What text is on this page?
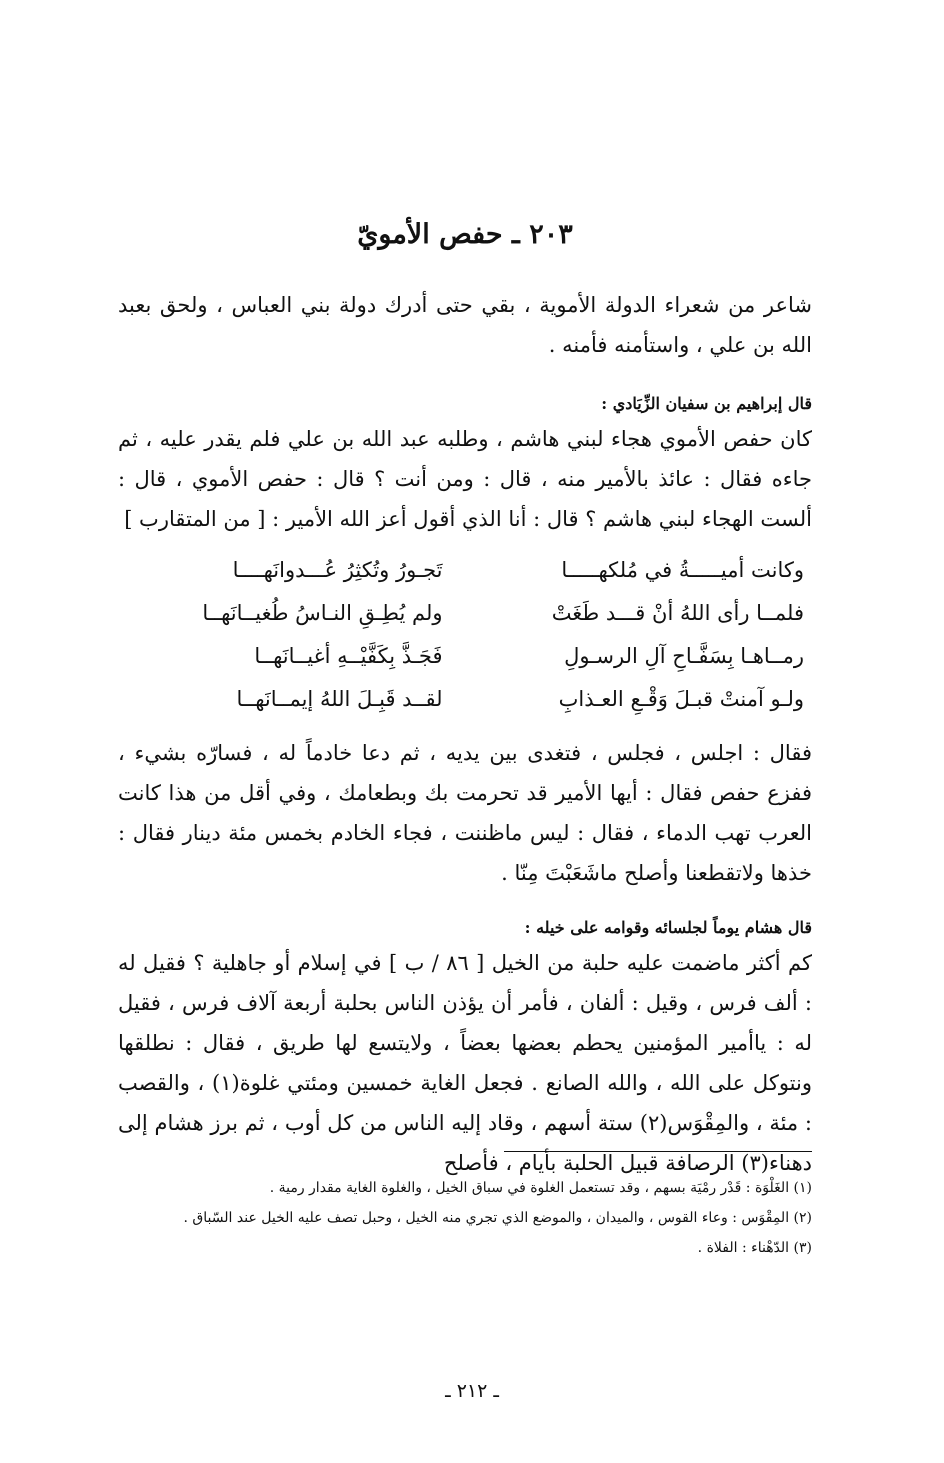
٢٠٣ ـ حفص الأمويّ

شاعر من شعراء الدولة الأموية ، بقي حتى أدرك دولة بني العباس ، ولحق بعبد الله بن علي ، واستأمنه فأمنه .

قال إبراهيم بن سفيان الزِّيَادي :

كان حفص الأموي هجاء لبني هاشم ، وطلبه عبد الله بن علي فلم يقدر عليه ، ثم جاءه فقال : عائذ بالأمير منه ، قال : ومن أنت ؟ قال : حفص الأموي ، قال : ألست الهجاء لبني هاشم ؟ قال : أنا الذي أقول أعز الله الأمير : [ من المتقارب ]

وكانت أميـــــةُ في مُلكهـــــا
تَجـورُ وتُكثِرُ عُـــدوانَهــــا
فلمــا رأى اللهُ أنْ قـــد طَغَتْ
ولم يُطِـقِ النـاسُ طُغيــانَهــا
رمــاهـا بِسَفَّـاحِ آلِ الرسـولِ
فَجَـذَّ بِكَفَّيْــهِ أغيــانَهــا
ولـو آمنتْ قبـلَ وَقْـعِ العـذابِ
لقــد قَبِـلَ اللهُ إيمــانَهــا

فقال : اجلس ، فجلس ، فتغدى بين يديه ، ثم دعا خادماً له ، فسارّه بشيء ، ففزع حفص فقال : أيها الأمير قد تحرمت بك وبطعامك ، وفي أقل من هذا كانت العرب تهب الدماء ، فقال : ليس ماظننت ، فجاء الخادم بخمس مئة دينار فقال : خذها ولاتقطعنا وأصلح ماشَعَبْتَ مِنّا .

قال هشام يوماً لجلسائه وقوامه على خيله :

كم أكثر ماضمت عليه حلبة من الخيل [ ٨٦ / ب ] في إسلام أو جاهلية ؟ فقيل له : ألف فرس ، وقيل : ألفان ، فأمر أن يؤذن الناس بحلبة أربعة آلاف فرس ، فقيل له : ياأمير المؤمنين يحطم بعضها بعضاً ، ولايتسع لها طريق ، فقال : نطلقها ونتوكل على الله ، والله الصانع . فجعل الغاية خمسين ومئتي غلوة(١) ، والقصب : مئة ، والمِقْوَس(٢) ستة أسهم ، وقاد إليه الناس من كل أوب ، ثم برز هشام إلى دهناء(٣) الرصافة قبيل الحلبة بأيام ، فأصلح

(١) الغَلْوَة : قَدْر رمْيَة بسهم ، وقد تستعمل الغلوة في سباق الخيل ، والغلوة الغاية مقدار رمية .

(٢) المِقْوَس : وعاء القوس ، والميدان ، والموضع الذي تجري منه الخيل ، وحبل تصف عليه الخيل عند السّباق .

(٣) الدّهْناء : الفلاة .

ـ ٢١٢ ـ
